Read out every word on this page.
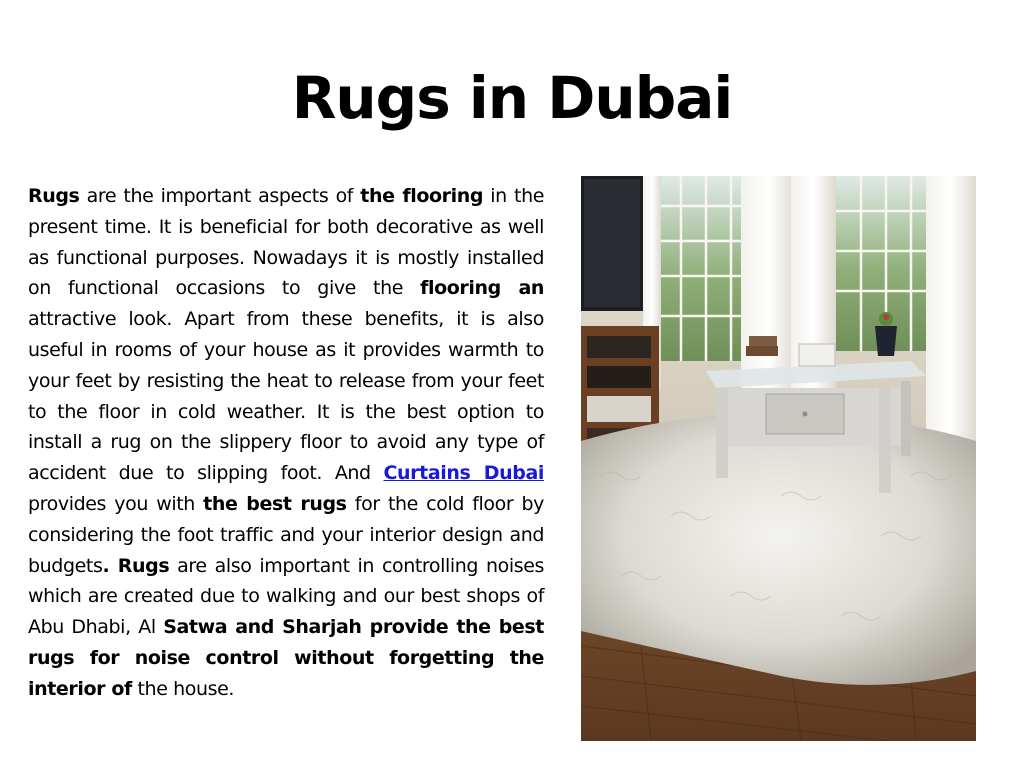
Rugs in Dubai

Rugs are the important aspects of the flooring in the present time. It is beneficial for both decorative as well as functional purposes. Nowadays it is mostly installed on functional occasions to give the flooring an attractive look. Apart from these benefits, it is also useful in rooms of your house as it provides warmth to your feet by resisting the heat to release from your feet to the floor in cold weather. It is the best option to install a rug on the slippery floor to avoid any type of accident due to slipping foot. And Curtains Dubai provides you with the best rugs for the cold floor by considering the foot traffic and your interior design and budgets. Rugs are also important in controlling noises which are created due to walking and our best shops of Abu Dhabi, Al Satwa and Sharjah provide the best rugs for noise control without forgetting the interior of the house.
